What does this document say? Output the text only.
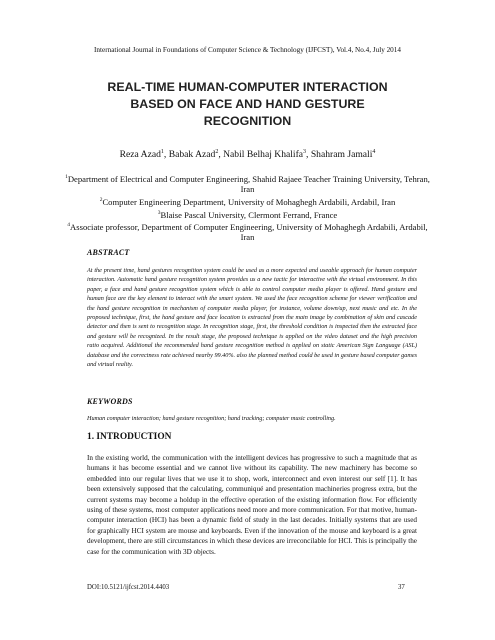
International Journal in Foundations of Computer Science & Technology (IJFCST), Vol.4, No.4, July 2014
REAL-TIME HUMAN-COMPUTER INTERACTION
BASED ON FACE AND HAND GESTURE
RECOGNITION
Reza Azad$^1$, Babak Azad$^2$, Nabil Belhaj Khalifa$^3$, Shahram Jamali$^4$
$^1$Department of Electrical and Computer Engineering, Shahid Rajaee Teacher Training University, Tehran, Iran
$^2$Computer Engineering Department, University of Mohaghegh Ardabili, Ardabil, Iran
$^3$Blaise Pascal University, Clermont Ferrand, France
$^4$Associate professor, Department of Computer Engineering, University of Mohaghegh Ardabili, Ardabil, Iran
ABSTRACT
At the present time, hand gestures recognition system could be used as a more expected and useable approach for human computer interaction. Automatic hand gesture recognition system provides us a new tactic for interactive with the virtual environment. In this paper, a face and hand gesture recognition system which is able to control computer media player is offered. Hand gesture and human face are the key element to interact with the smart system. We used the face recognition scheme for viewer verification and the hand gesture recognition in mechanism of computer media player, for instance, volume down/up, next music and etc. In the proposed technique, first, the hand gesture and face location is extracted from the main image by combination of skin and cascade detector and then is sent to recognition stage. In recognition stage, first, the threshold condition is inspected then the extracted face and gesture will be recognized. In the result stage, the proposed technique is applied on the video dataset and the high precision ratio acquired. Additional the recommended hand gesture recognition method is applied on static American Sign Language (ASL) database and the correctness rate achieved nearby 99.40%. also the planned method could be used in gesture based computer games and virtual reality.
KEYWORDS
Human computer interaction; hand gesture recognition; hand tracking; computer music controlling.
1. INTRODUCTION
In the existing world, the communication with the intelligent devices has progressive to such a magnitude that as humans it has become essential and we cannot live without its capability. The new machinery has become so embedded into our regular lives that we use it to shop, work, interconnect and even interest our self [1]. It has been extensively supposed that the calculating, communiqué and presentation machineries progress extra, but the current systems may become a holdup in the effective operation of the existing information flow. For efficiently using of these systems, most computer applications need more and more communication. For that motive, human-computer interaction (HCI) has been a dynamic field of study in the last decades. Initially systems that are used for graphically HCI system are mouse and keyboards. Even if the innovation of the mouse and keyboard is a great development, there are still circumstances in which these devices are irreconcilable for HCI. This is principally the case for the communication with 3D objects.
DOI:10.5121/ijfcst.2014.4403	37
